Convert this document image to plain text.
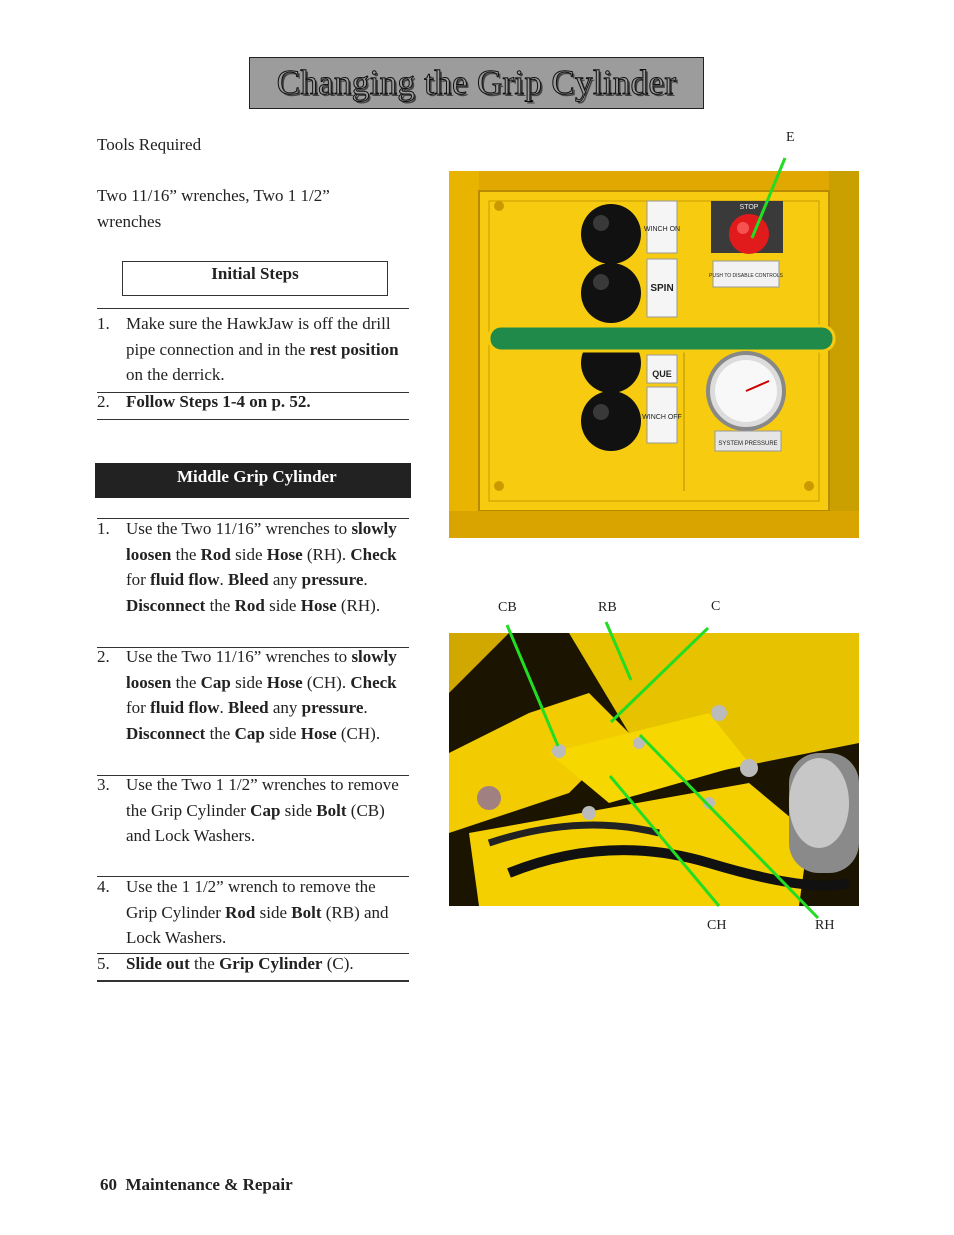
Changing the Grip Cylinder
Tools Required
Two 11/16” wrenches, Two 1 1/2” wrenches
Initial Steps
1. Make sure the HawkJaw is off the drill pipe connection and in the rest position on the derrick.
2. Follow Steps 1-4 on p. 52.
Middle Grip Cylinder
1. Use the Two 11/16” wrenches to slowly loosen the Rod side Hose (RH). Check for fluid flow. Bleed any pressure. Disconnect the Rod side Hose (RH).
2. Use the Two 11/16” wrenches to slowly loosen the Cap side Hose (CH). Check for fluid flow. Bleed any pressure. Disconnect the Cap side Hose (CH).
3. Use the Two 1 1/2” wrenches to remove the Grip Cylinder Cap side Bolt (CB) and Lock Washers.
4. Use the 1 1/2” wrench to remove the Grip Cylinder Rod side Bolt (RB) and Lock Washers.
5. Slide out the Grip Cylinder (C).
WINCH ON
SPIN
QUE
WINCH OFF
STOP
PUSH TO DISABLE CONTROLS
SYSTEM PRESSURE
E
CB	RB	C
CH	RH
60 Maintenance & Repair
